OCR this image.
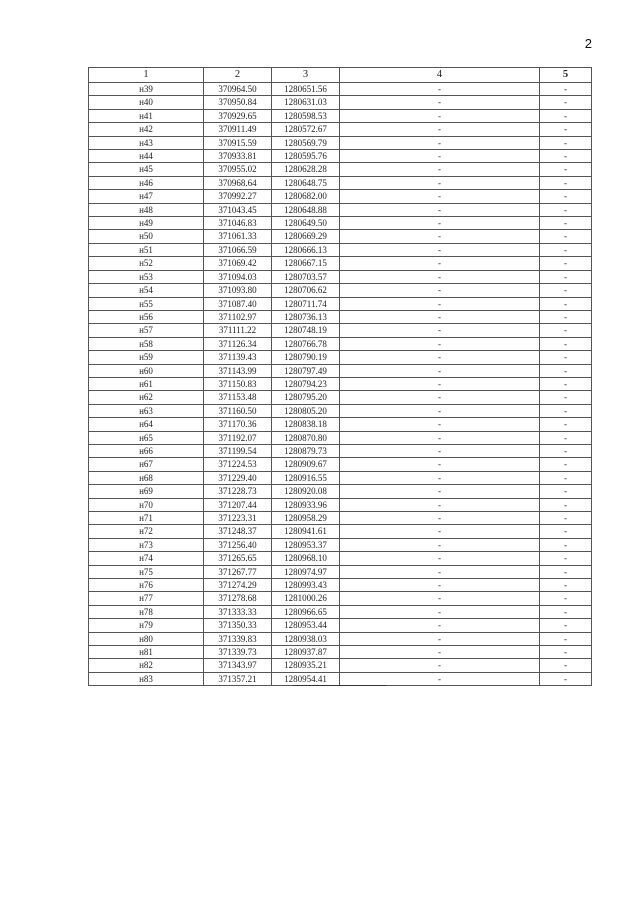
2
1	2	3	4	5
н39	370964.50	1280651.56	-	-
н40	370950.84	1280631.03	-	-
н41	370929.65	1280598.53	-	-
н42	370911.49	1280572.67	-	-
н43	370915.59	1280569.79	-	-
н44	370933.81	1280595.76	-	-
н45	370955.02	1280628.28	-	-
н46	370968.64	1280648.75	-	-
н47	370992.27	1280682.00	-	-
н48	371043.45	1280648.88	-	-
н49	371046.83	1280649.50	-	-
н50	371061.33	1280669.29	-	-
н51	371066.59	1280666.13	-	-
н52	371069.42	1280667.15	-	-
н53	371094.03	1280703.57	-	-
н54	371093.80	1280706.62	-	-
н55	371087.40	1280711.74	-	-
н56	371102.97	1280736.13	-	-
н57	371111.22	1280748.19	-	-
н58	371126.34	1280766.78	-	-
н59	371139.43	1280790.19	-	-
н60	371143.99	1280797.49	-	-
н61	371150.83	1280794.23	-	-
н62	371153.48	1280795.20	-	-
н63	371160.50	1280805.20	-	-
н64	371170.36	1280838.18	-	-
н65	371192.07	1280870.80	-	-
н66	371199.54	1280879.73	-	-
н67	371224.53	1280909.67	-	-
н68	371229.40	1280916.55	-	-
н69	371228.73	1280920.08	-	-
н70	371207.44	1280933.96	-	-
н71	371223.31	1280958.29	-	-
н72	371248.37	1280941.61	-	-
н73	371256.40	1280953.37	-	-
н74	371265.65	1280968.10	-	-
н75	371267.77	1280974.97	-	-
н76	371274.29	1280993.43	-	-
н77	371278.68	1281000.26	-	-
н78	371333.33	1280966.65	-	-
н79	371350.33	1280953.44	-	-
н80	371339.83	1280938.03	-	-
н81	371339.73	1280937.87	-	-
н82	371343.97	1280935.21	-	-
н83	371357.21	1280954.41	-	-
